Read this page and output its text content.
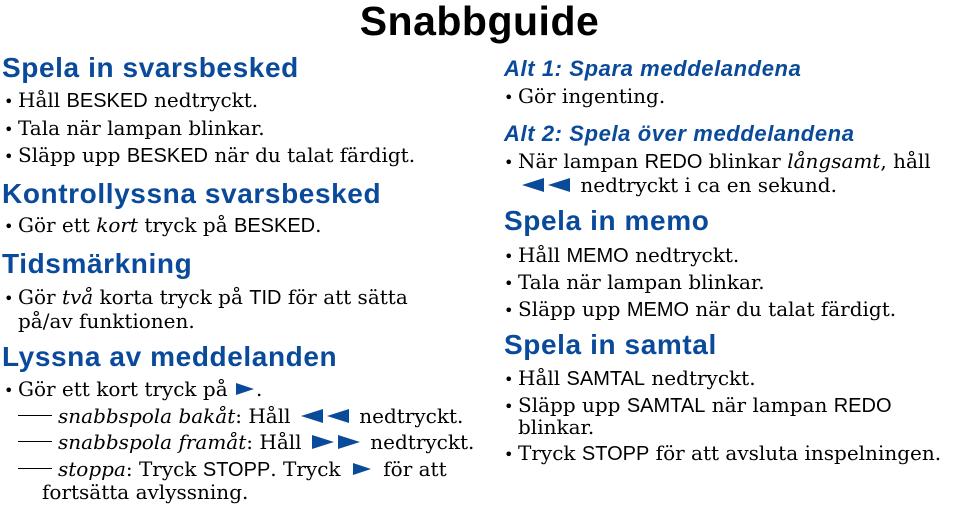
Snabbguide
Spela in svarsbesked
• Håll BESKED nedtryckt.
• Tala när lampan blinkar.
• Släpp upp BESKED när du talat färdigt.
Kontrollyssna svarsbesked
• Gör ett kort tryck på BESKED.
Tidsmärkning
• Gör två korta tryck på TID för att sätta
på/av funktionen.
Lyssna av meddelanden
• Gör ett kort tryck på .
snabbspola bakåt: Håll	nedtryckt.
snabbspola framåt: Håll	nedtryckt.
stoppa: Tryck STOPP. Tryck för att
fortsätta avlyssning.
Alt 1: Spara meddelandena
• Gör ingenting.
Alt 2: Spela över meddelandena
• När lampan REDO blinkar långsamt, håll
nedtryckt i ca en sekund.
Spela in memo
• Håll MEMO nedtryckt.
• Tala när lampan blinkar.
• Släpp upp MEMO när du talat färdigt.
Spela in samtal
• Håll SAMTAL nedtryckt.
• Släpp upp SAMTAL när lampan REDO
blinkar.
• Tryck STOPP för att avsluta inspelningen.
